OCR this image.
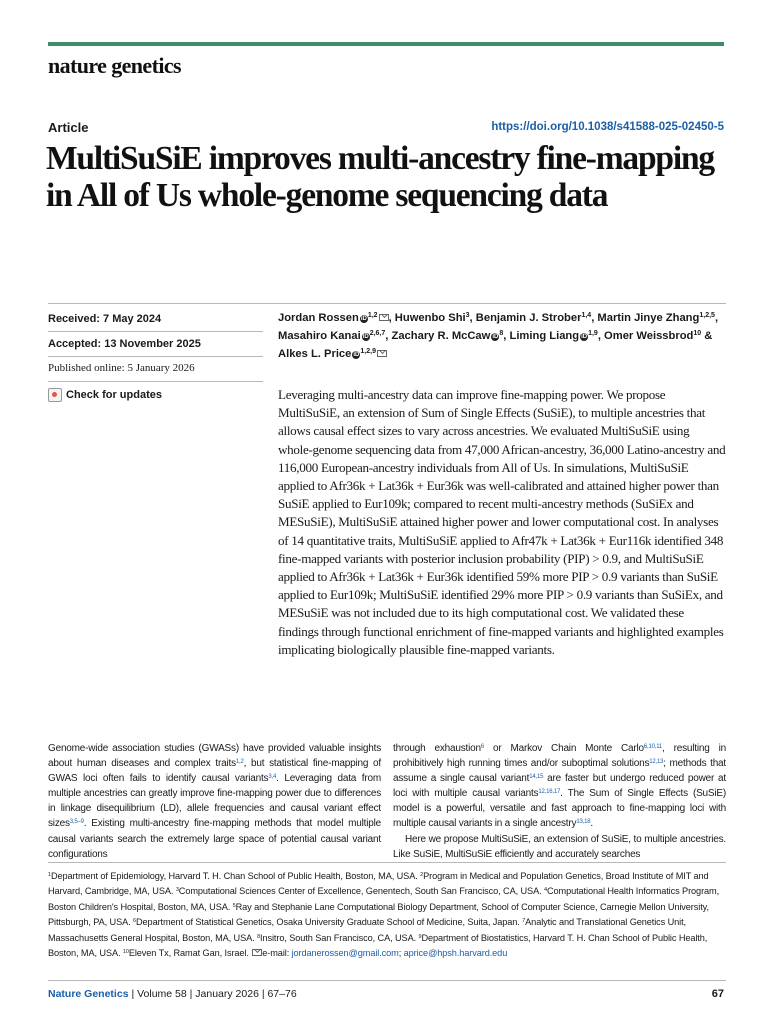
nature genetics
Article	https://doi.org/10.1038/s41588-025-02450-5
MultiSuSiE improves multi-ancestry fine-mapping in All of Us whole-genome sequencing data
Received: 7 May 2024
Accepted: 13 November 2025
Published online: 5 January 2026
Check for updates
Jordan Rossen iD$^{1,2}$ , Huwenbo Shi$^3$, Benjamin J. Strober$^{1,4}$, Martin Jinye Zhang$^{1,2,5}$, Masahiro Kanai iD$^{2,6,7}$, Zachary R. McCaw $iD^8$, Liming Liang iD$^{1,9}$, Omer Weissbrod$^{10}$ & Alkes L. Price iD$^{1,2,9}$

Leveraging multi-ancestry data can improve fine-mapping power. We propose MultiSuSiE, an extension of Sum of Single Effects (SuSiE), to multiple ancestries that allows causal effect sizes to vary across ancestries. We evaluated MultiSuSiE using whole-genome sequencing data from 47,000 African-ancestry, 36,000 Latino-ancestry and 116,000 European-ancestry individuals from All of Us. In simulations, MultiSuSiE applied to Afr36k + Lat36k + Eur36k was well-calibrated and attained higher power than SuSiE applied to Eur109k; compared to recent multi-ancestry methods (SuSiEx and MESuSiE), MultiSuSiE attained higher power and lower computational cost. In analyses of 14 quantitative traits, MultiSuSiE applied to Afr47k + Lat36k + Eur116k identified 348 fine-mapped variants with posterior inclusion probability (PIP) > 0.9, and MultiSuSiE applied to Afr36k + Lat36k + Eur36k identified 59% more PIP > 0.9 variants than SuSiE applied to Eur109k; MultiSuSiE identified 29% more PIP > 0.9 variants than SuSiEx, and MESuSiE was not included due to its high computational cost. We validated these findings through functional enrichment of fine-mapped variants and highlighted examples implicating biologically plausible fine-mapped variants.

Genome-wide association studies (GWASs) have provided valuable insights about human diseases and complex traits$^{1,2}$, but statistical fine-mapping of GWAS loci often fails to identify causal variants$^{3,4}$. Leveraging data from multiple ancestries can greatly improve fine-mapping power due to differences in linkage disequilibrium (LD), allele frequencies and causal variant effect sizes$^{3,5-9}$. Existing multi-ancestry fine-mapping methods that model multiple causal variants search the extremely large space of potential causal variant configurations

through exhaustion$^6$ or Markov Chain Monte Carlo$^{6,10,11}$, resulting in prohibitively high running times and/or suboptimal solutions$^{12,13}$; methods that assume a single causal variant$^{14,15}$ are faster but undergo reduced power at loci with multiple causal variants$^{12,16,17}$. The Sum of Single Effects (SuSiE) model is a powerful, versatile and fast approach to fine-mapping loci with multiple causal variants in a single ancestry$^{13,18}$.
Here we propose MultiSuSiE, an extension of SuSiE, to multiple ancestries. Like SuSiE, MultiSuSiE efficiently and accurately searches

$^1$Department of Epidemiology, Harvard T. H. Chan School of Public Health, Boston, MA, USA. $^2$Program in Medical and Population Genetics, Broad Institute of MIT and Harvard, Cambridge, MA, USA. $^3$Computational Sciences Center of Excellence, Genentech, South San Francisco, CA, USA. $^4$Computational Health Informatics Program, Boston Children's Hospital, Boston, MA, USA. $^5$Ray and Stephanie Lane Computational Biology Department, School of Computer Science, Carnegie Mellon University, Pittsburgh, PA, USA. $^6$Department of Statistical Genetics, Osaka University Graduate School of Medicine, Suita, Japan. $^7$Analytic and Translational Genetics Unit, Massachusetts General Hospital, Boston, MA, USA. $^8$Insitro, South San Francisco, CA, USA. $^9$Department of Biostatistics, Harvard T. H. Chan School of Public Health, Boston, MA, USA. $^{10}$Eleven Tx, Ramat Gan, Israel. e-mail: jordanerossen@gmail.com; aprice@hpsh.harvard.edu

Nature Genetics | Volume 58 | January 2026 | 67–76	67
